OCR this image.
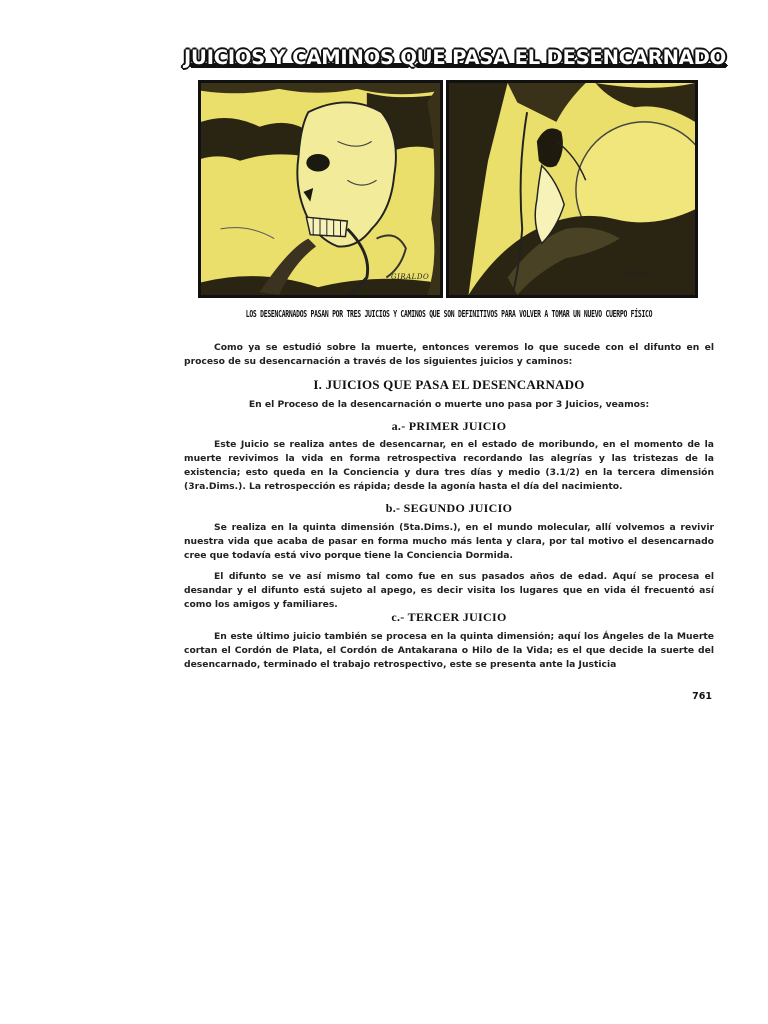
JUICIOS Y CAMINOS QUE PASA EL DESENCARNADO
GIRALDO	GIRALDO
LOS DESENCARNADOS PASAN POR TRES JUICIOS Y CAMINOS QUE SON DEFINITIVOS PARA VOLVER A TOMAR UN NUEVO CUERPO FÍSICO

Como ya se estudió sobre la muerte, entonces veremos lo que sucede con el difunto en el proceso de su desencarnación a través de los siguientes juicios y caminos:

I. JUICIOS QUE PASA EL DESENCARNADO

En el Proceso de la desencarnación o muerte uno pasa por 3 Juicios, veamos:

a.- PRIMER JUICIO

Este Juicio se realiza antes de desencarnar, en el estado de moribundo, en el momento de la muerte revivimos la vida en forma retrospectiva recordando las alegrías y las tristezas de la existencia; esto queda en la Conciencia y dura tres días y medio (3.1/2) en la tercera dimensión (3ra.Dims.). La retrospección es rápida; desde la agonía hasta el día del nacimiento.

b.- SEGUNDO JUICIO

Se realiza en la quinta dimensión (5ta.Dims.), en el mundo molecular, allí volvemos a revivir nuestra vida que acaba de pasar en forma mucho más lenta y clara, por tal motivo el desencarnado cree que todavía está vivo porque tiene la Conciencia Dormida.

El difunto se ve así mismo tal como fue en sus pasados años de edad. Aquí se procesa el desandar y el difunto está sujeto al apego, es decir visita los lugares que en vida él frecuentó así como los amigos y familiares.

c.- TERCER JUICIO

En este último juicio también se procesa en la quinta dimensión; aquí los Ángeles de la Muerte cortan el Cordón de Plata, el Cordón de Antakarana o Hilo de la Vida; es el que decide la suerte del desencarnado, terminado el trabajo retrospectivo, este se presenta ante la Justicia

761
